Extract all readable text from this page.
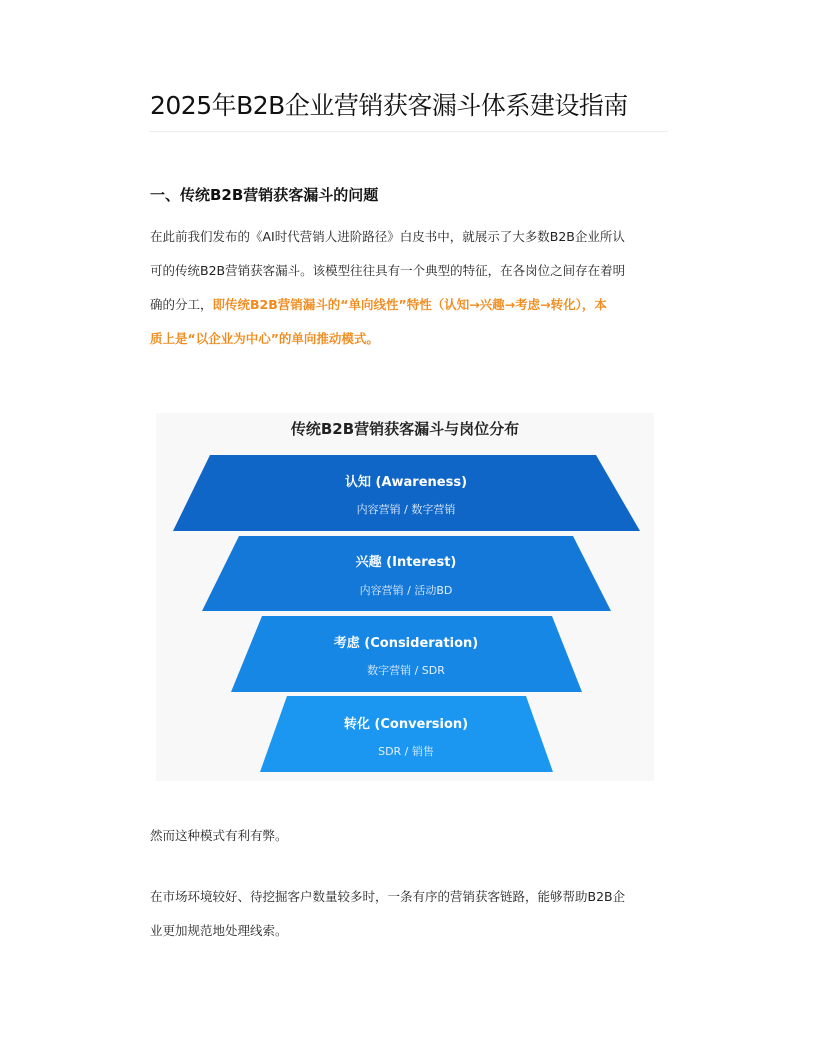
2025年B2B企业营销获客漏斗体系建设指南
一、传统B2B营销获客漏斗的问题
在此前我们发布的《AI时代营销人进阶路径》白皮书中，就展示了大多数B2B企业所认
可的传统B2B营销获客漏斗。该模型往往具有一个典型的特征，在各岗位之间存在着明
确的分工，即传统B2B营销漏斗的“单向线性”特性（认知→兴趣→考虑→转化），本
质上是“以企业为中心”的单向推动模式。
传统B2B营销获客漏斗与岗位分布
认知 (Awareness)
内容营销 / 数字营销
兴趣 (Interest)
内容营销 / 活动BD
考虑 (Consideration)
数字营销 / SDR
转化 (Conversion)
SDR / 销售
然而这种模式有利有弊。
在市场环境较好、待挖掘客户数量较多时，一条有序的营销获客链路，能够帮助B2B企
业更加规范地处理线索。
